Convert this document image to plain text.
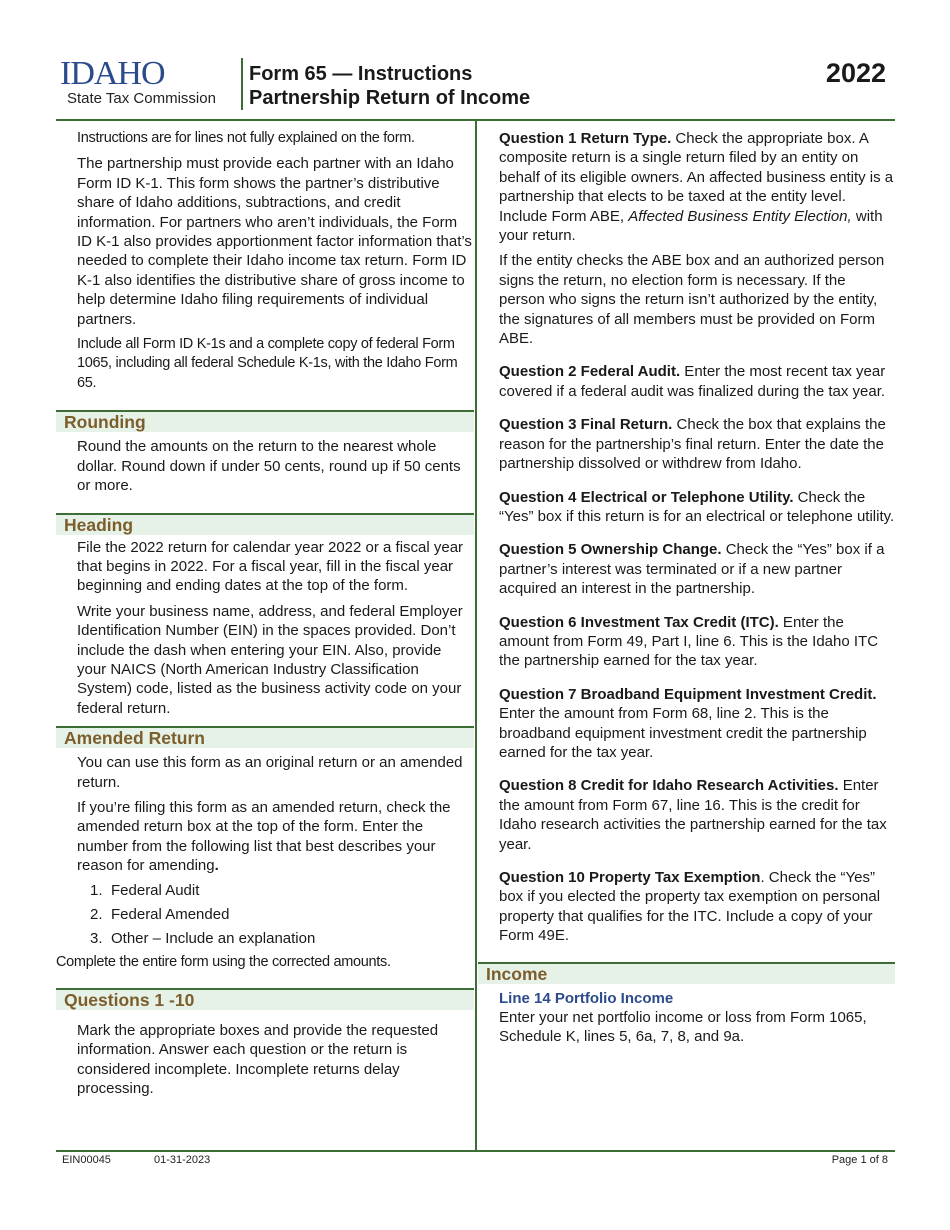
IDAHO
State Tax Commission
Form 65 — Instructions
Partnership Return of Income
2022

Instructions are for lines not fully explained on the form.

The partnership must provide each partner with an Idaho Form ID K-1. This form shows the partner’s distributive share of Idaho additions, subtractions, and credit information. For partners who aren’t individuals, the Form ID K-1 also provides apportionment factor information that’s needed to complete their Idaho income tax return. Form ID K-1 also identifies the distributive share of gross income to help determine Idaho filing requirements of individual partners.

Include all Form ID K-1s and a complete copy of federal Form 1065, including all federal Schedule K-1s, with the Idaho Form 65.

Rounding

Round the amounts on the return to the nearest whole dollar. Round down if under 50 cents, round up if 50 cents or more.

Heading

File the 2022 return for calendar year 2022 or a fiscal year that begins in 2022. For a fiscal year, fill in the fiscal year beginning and ending dates at the top of the form.

Write your business name, address, and federal Employer Identification Number (EIN) in the spaces provided. Don’t include the dash when entering your EIN. Also, provide your NAICS (North American Industry Classification System) code, listed as the business activity code on your federal return.

Amended Return

You can use this form as an original return or an amended return.

If you’re filing this form as an amended return, check the amended return box at the top of the form. Enter the number from the following list that best describes your reason for amending.

1. Federal Audit
2. Federal Amended
3. Other – Include an explanation

Complete the entire form using the corrected amounts.

Questions 1 -10

Mark the appropriate boxes and provide the requested information. Answer each question or the return is considered incomplete. Incomplete returns delay processing.

Question 1 Return Type. Check the appropriate box. A composite return is a single return filed by an entity on behalf of its eligible owners. An affected business entity is a partnership that elects to be taxed at the entity level. Include Form ABE, Affected Business Entity Election, with your return.

If the entity checks the ABE box and an authorized person signs the return, no election form is necessary. If the person who signs the return isn’t authorized by the entity, the signatures of all members must be provided on Form ABE.

Question 2 Federal Audit. Enter the most recent tax year covered if a federal audit was finalized during the tax year.

Question 3 Final Return. Check the box that explains the reason for the partnership’s final return. Enter the date the partnership dissolved or withdrew from Idaho.

Question 4 Electrical or Telephone Utility. Check the “Yes” box if this return is for an electrical or telephone utility.

Question 5 Ownership Change. Check the “Yes” box if a partner’s interest was terminated or if a new partner acquired an interest in the partnership.

Question 6 Investment Tax Credit (ITC). Enter the amount from Form 49, Part I, line 6. This is the Idaho ITC the partnership earned for the tax year.

Question 7 Broadband Equipment Investment Credit. Enter the amount from Form 68, line 2. This is the broadband equipment investment credit the partnership earned for the tax year.

Question 8 Credit for Idaho Research Activities. Enter the amount from Form 67, line 16. This is the credit for Idaho research activities the partnership earned for the tax year.

Question 10 Property Tax Exemption. Check the “Yes” box if you elected the property tax exemption on personal property that qualifies for the ITC. Include a copy of your Form 49E.

Income
Line 14 Portfolio Income

Enter your net portfolio income or loss from Form 1065, Schedule K, lines 5, 6a, 7, 8, and 9a.

EIN00045	01-31-2023	Page 1 of 8
